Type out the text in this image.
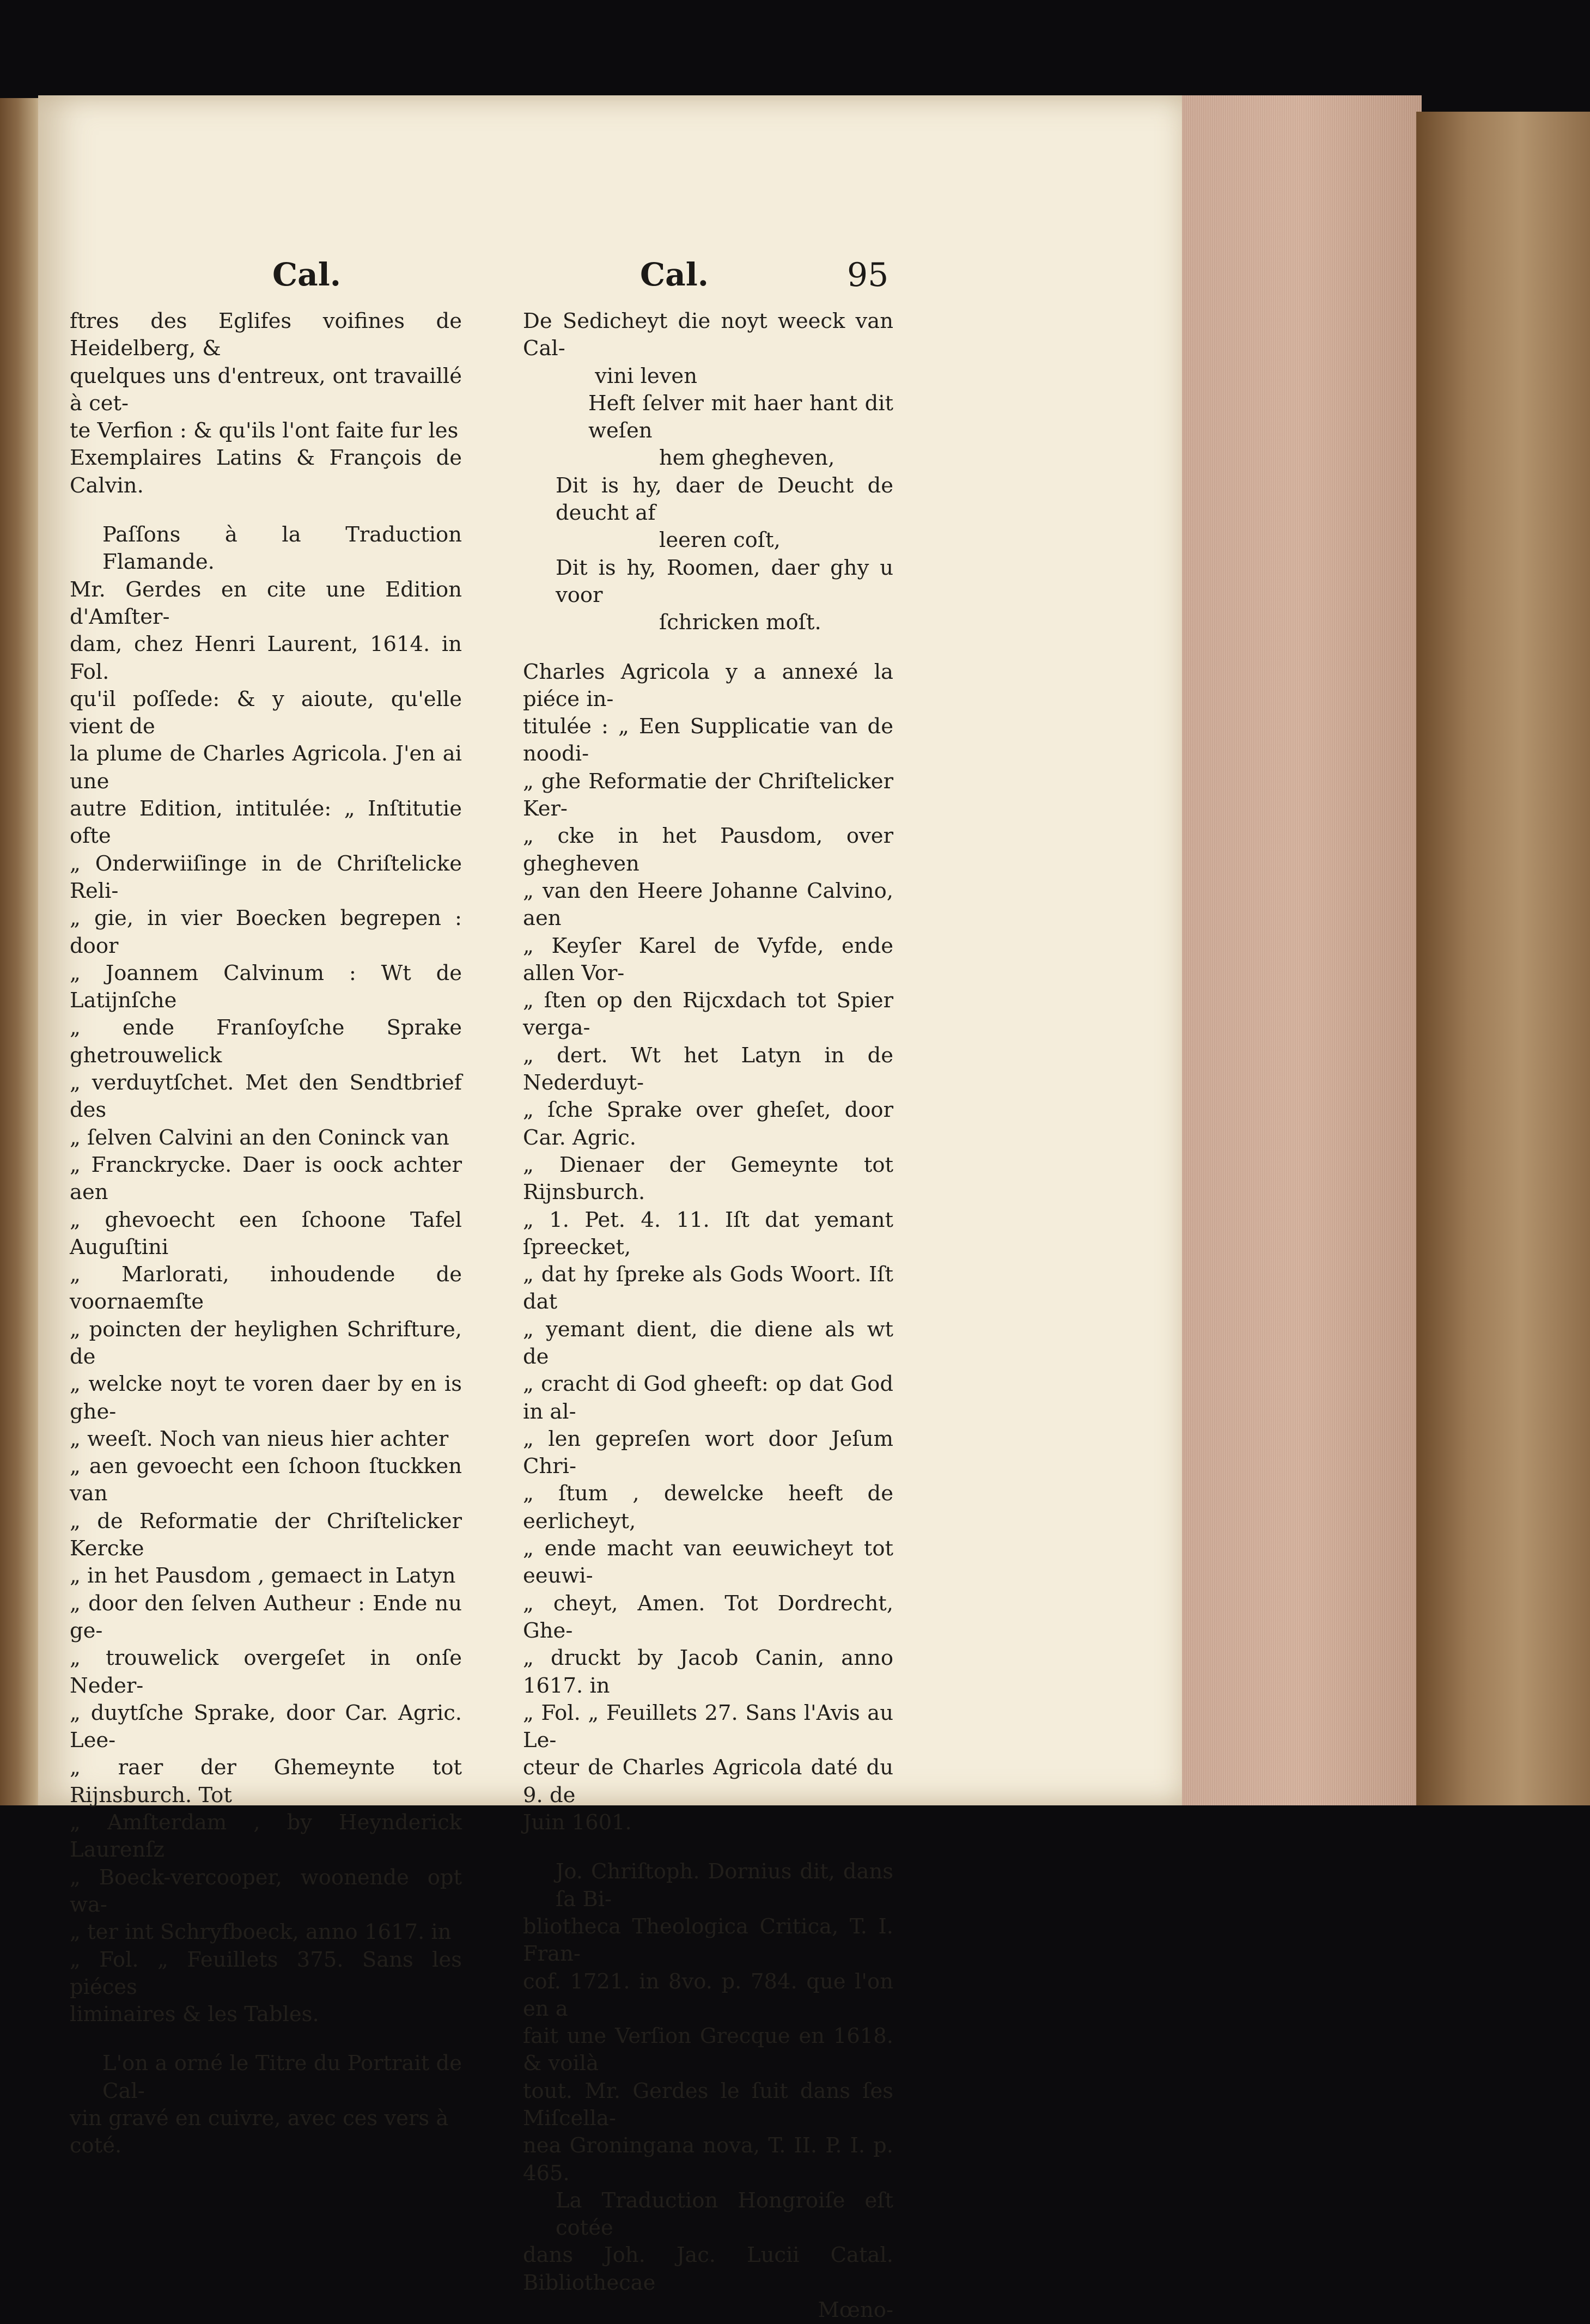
Cal.	Cal.	95

ftres des Eglifes voifines de Heidelberg, &

quelques uns d'entreux, ont travaillé à cet-

te Verfion : & qu'ils l'ont faite fur les

Exemplaires Latins & François de Calvin.

Paſſons à la Traduction Flamande.

Mr. Gerdes en cite une Edition d'Amſter-

dam, chez Henri Laurent, 1614. in Fol.

qu'il poſſede: & y aioute, qu'elle vient de

la plume de Charles Agricola. J'en ai une

autre Edition, intitulée: „ Inſtitutie ofte

„ Onderwiiſinge in de Chriſtelicke Reli-

„ gie, in vier Boecken begrepen : door

„ Joannem Calvinum : Wt de Latijnſche

„ ende Franſoyſche Sprake ghetrouwelick

„ verduytſchet. Met den Sendtbrief des

„ ſelven Calvini an den Coninck van

„ Franckrycke. Daer is oock achter aen

„ ghevoecht een ſchoone Tafel Auguſtini

„ Marlorati, inhoudende de voornaemſte

„ poincten der heylighen Schrifture, de

„ welcke noyt te voren daer by en is ghe-

„ weeſt. Noch van nieus hier achter

„ aen gevoecht een ſchoon ſtuckken van

„ de Reformatie der Chriſtelicker Kercke

„ in het Pausdom , gemaect in Latyn

„ door den ſelven Autheur : Ende nu ge-

„ trouwelick overgeſet in onſe Neder-

„ duytſche Sprake, door Car. Agric. Lee-

„ raer der Ghemeynte tot Rijnsburch. Tot

„ Amſterdam , by Heynderick Laurenſz

„ Boeck-vercooper, woonende opt wa-

„ ter int Schryfboeck, anno 1617. in

„ Fol. „ Feuillets 375. Sans les piéces

liminaires & les Tables.

L'on a orné le Titre du Portrait de Cal-

vin gravé en cuivre, avec ces vers à

coté.

De Sedicheyt die noyt weeck van Cal-

vini leven

Heft ſelver mit haer hant dit weſen

hem ghegheven,

Dit is hy, daer de Deucht de deucht af

leeren coſt,

Dit is hy, Roomen, daer ghy u voor

ſchricken moſt.

Charles Agricola y a annexé la piéce in-

titulée : „ Een Supplicatie van de noodi-

„ ghe Reformatie der Chriſtelicker Ker-

„ cke in het Pausdom, over ghegheven

„ van den Heere Johanne Calvino, aen

„ Keyſer Karel de Vyfde, ende allen Vor-

„ ſten op den Rijcxdach tot Spier verga-

„ dert. Wt het Latyn in de Nederduyt-

„ ſche Sprake over gheſet, door Car. Agric.

„ Dienaer der Gemeynte tot Rijnsburch.

„ 1. Pet. 4. 11. Iſt dat yemant ſpreecket,

„ dat hy ſpreke als Gods Woort. Iſt dat

„ yemant dient, die diene als wt de

„ cracht di God gheeft: op dat God in al-

„ len gepreſen wort door Jeſum Chri-

„ ſtum , dewelcke heeft de eerlicheyt,

„ ende macht van eeuwicheyt tot eeuwi-

„ cheyt, Amen. Tot Dordrecht, Ghe-

„ druckt by Jacob Canin, anno 1617. in

„ Fol. „ Feuillets 27. Sans l'Avis au Le-

cteur de Charles Agricola daté du 9. de

Juin 1601.

Jo. Chriſtoph. Dornius dit, dans ſa Bi-

bliotheca Theologica Critica, T. I. Fran-

cof. 1721. in 8vo. p. 784. que l'on en a

fait une Verſion Grecque en 1618. & voilà

tout. Mr. Gerdes le ſuit dans ſes Miſcella-

nea Groningana nova, T. II. P. I. p. 465.

La Traduction Hongroiſe eſt cotée

dans Joh. Jac. Lucii Catal. Bibliothecae

Mœno-
